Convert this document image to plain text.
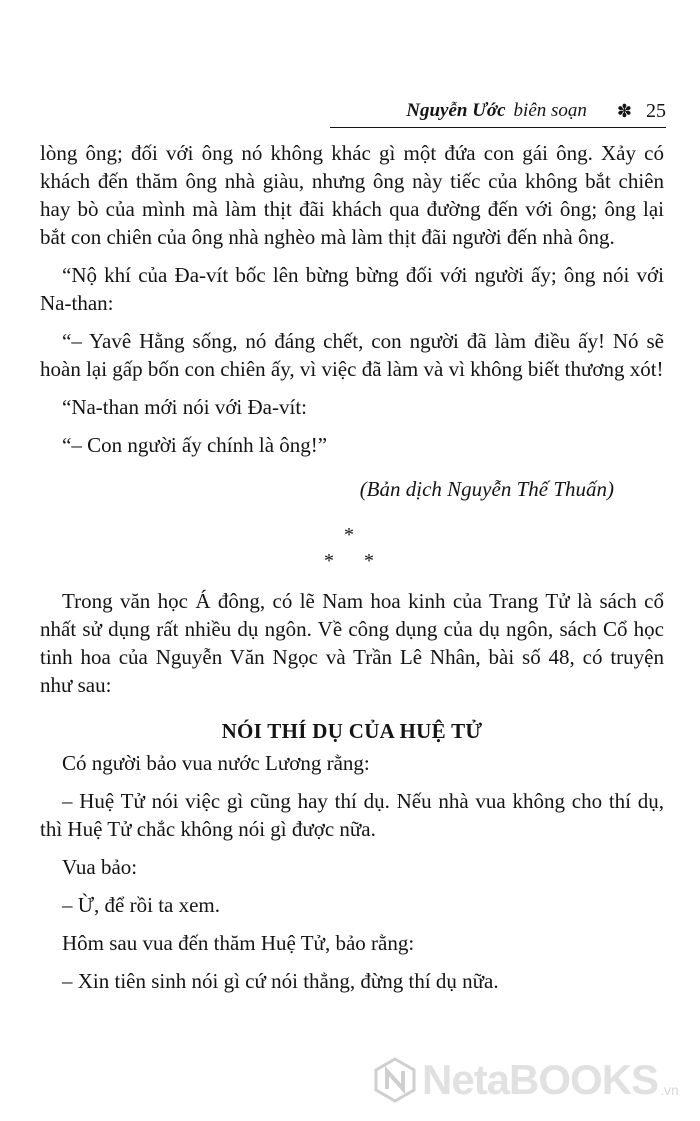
Nguyễn Ước biên soạn ✽ 25

lòng ông; đối với ông nó không khác gì một đứa con gái ông. Xảy có khách đến thăm ông nhà giàu, nhưng ông này tiếc của không bắt chiên hay bò của mình mà làm thịt đãi khách qua đường đến với ông; ông lại bắt con chiên của ông nhà nghèo mà làm thịt đãi người đến nhà ông.

“Nộ khí của Đa-vít bốc lên bừng bừng đối với người ấy; ông nói với Na-than:

“– Yavê Hằng sống, nó đáng chết, con người đã làm điều ấy! Nó sẽ hoàn lại gấp bốn con chiên ấy, vì việc đã làm và vì không biết thương xót!

“Na-than mới nói với Đa-vít:

“– Con người ấy chính là ông!”

(Bản dịch Nguyễn Thế Thuấn)

*
* *

Trong văn học Á đông, có lẽ Nam hoa kinh của Trang Tử là sách cổ nhất sử dụng rất nhiều dụ ngôn. Về công dụng của dụ ngôn, sách Cổ học tinh hoa của Nguyễn Văn Ngọc và Trần Lê Nhân, bài số 48, có truyện như sau:

NÓI THÍ DỤ CỦA HUỆ TỬ

Có người bảo vua nước Lương rằng:

– Huệ Tử nói việc gì cũng hay thí dụ. Nếu nhà vua không cho thí dụ, thì Huệ Tử chắc không nói gì được nữa.

Vua bảo:

– Ừ, để rồi ta xem.

Hôm sau vua đến thăm Huệ Tử, bảo rằng:

– Xin tiên sinh nói gì cứ nói thẳng, đừng thí dụ nữa.

NetaBOOKS .vn
